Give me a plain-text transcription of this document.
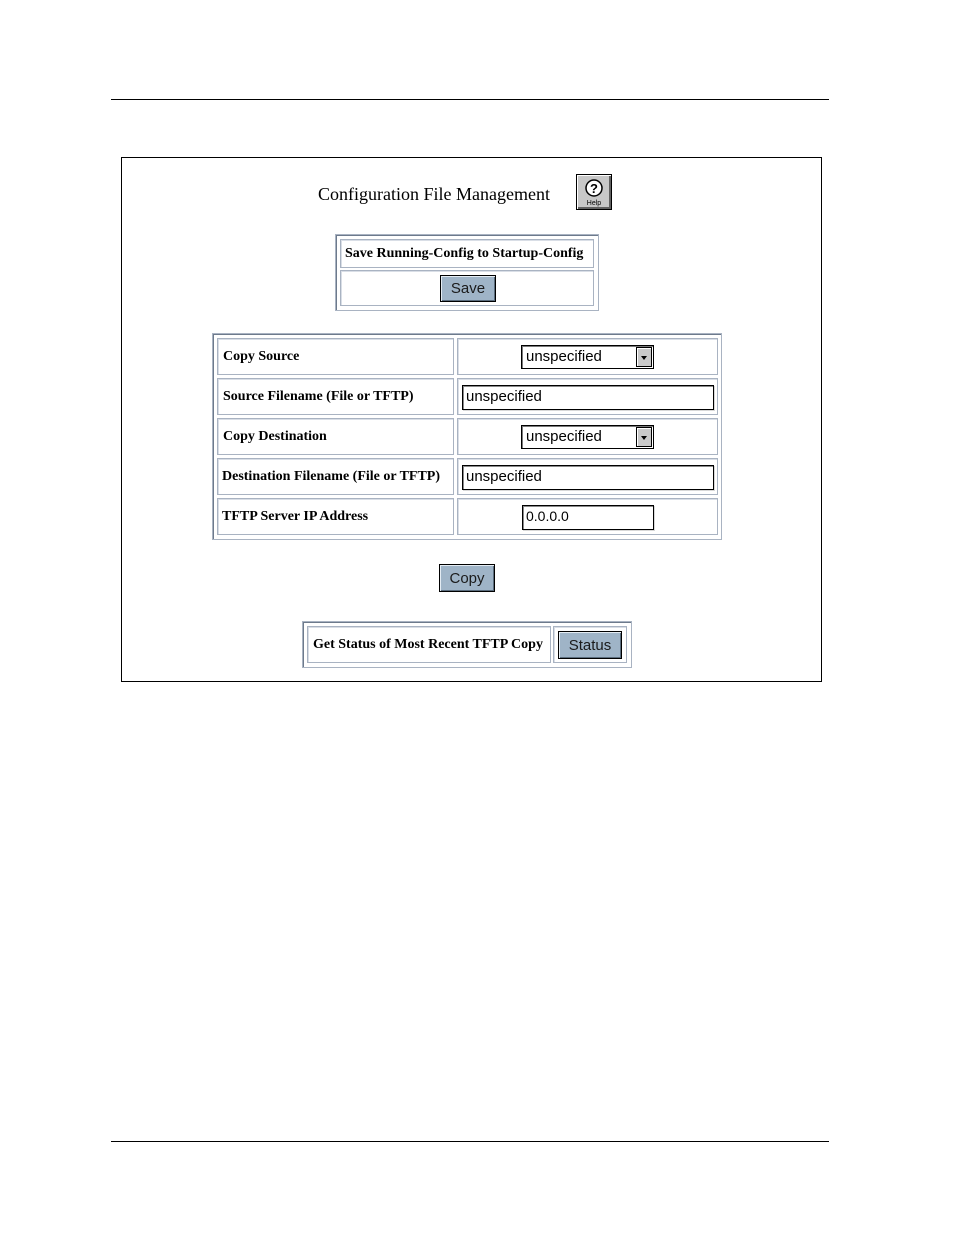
Configuration File Management	?
Help
Save Running-Config to Startup-Config
Save
Copy Source	unspecified
Source Filename (File or TFTP)	unspecified
Copy Destination	unspecified
Destination Filename (File or TFTP) unspecified
TFTP Server IP Address	0.0.0.0
Copy
Get Status of Most Recent TFTP Copy	Status
